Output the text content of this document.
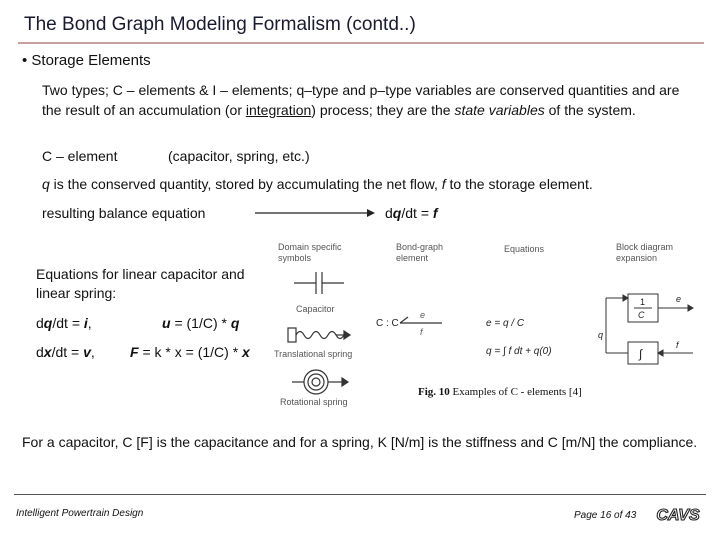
The Bond Graph Modeling Formalism (contd..)
• Storage Elements
Two types; C – elements & I – elements; q–type and p–type variables are conserved quantities and are the result of an accumulation (or integration) process; they are the state variables of the system.
C – element	(capacitor, spring, etc.)
q is the conserved quantity, stored by accumulating the net flow, f to the storage element.
resulting balance equation	dq/dt = f
Equations for linear capacitor and linear spring:
dq/dt = i,	u = (1/C) * q
dx/dt = v,	F = k * x = (1/C) * x
Domain specific
symbols
Bond-graph
element
Equations	Block diagram
expansion
Capacitor
Translational spring
Rotational spring
C : C
e
f
e = q / C
q = ∫ f dt + q(0)
1
C
e
q
f
∫
Fig. 10 Examples of C - elements [4]
For a capacitor, C [F] is the capacitance and for a spring, K [N/m] is the stiffness and C [m/N] the compliance.
Intelligent Powertrain Design	Page 16 of 43 CAVS
